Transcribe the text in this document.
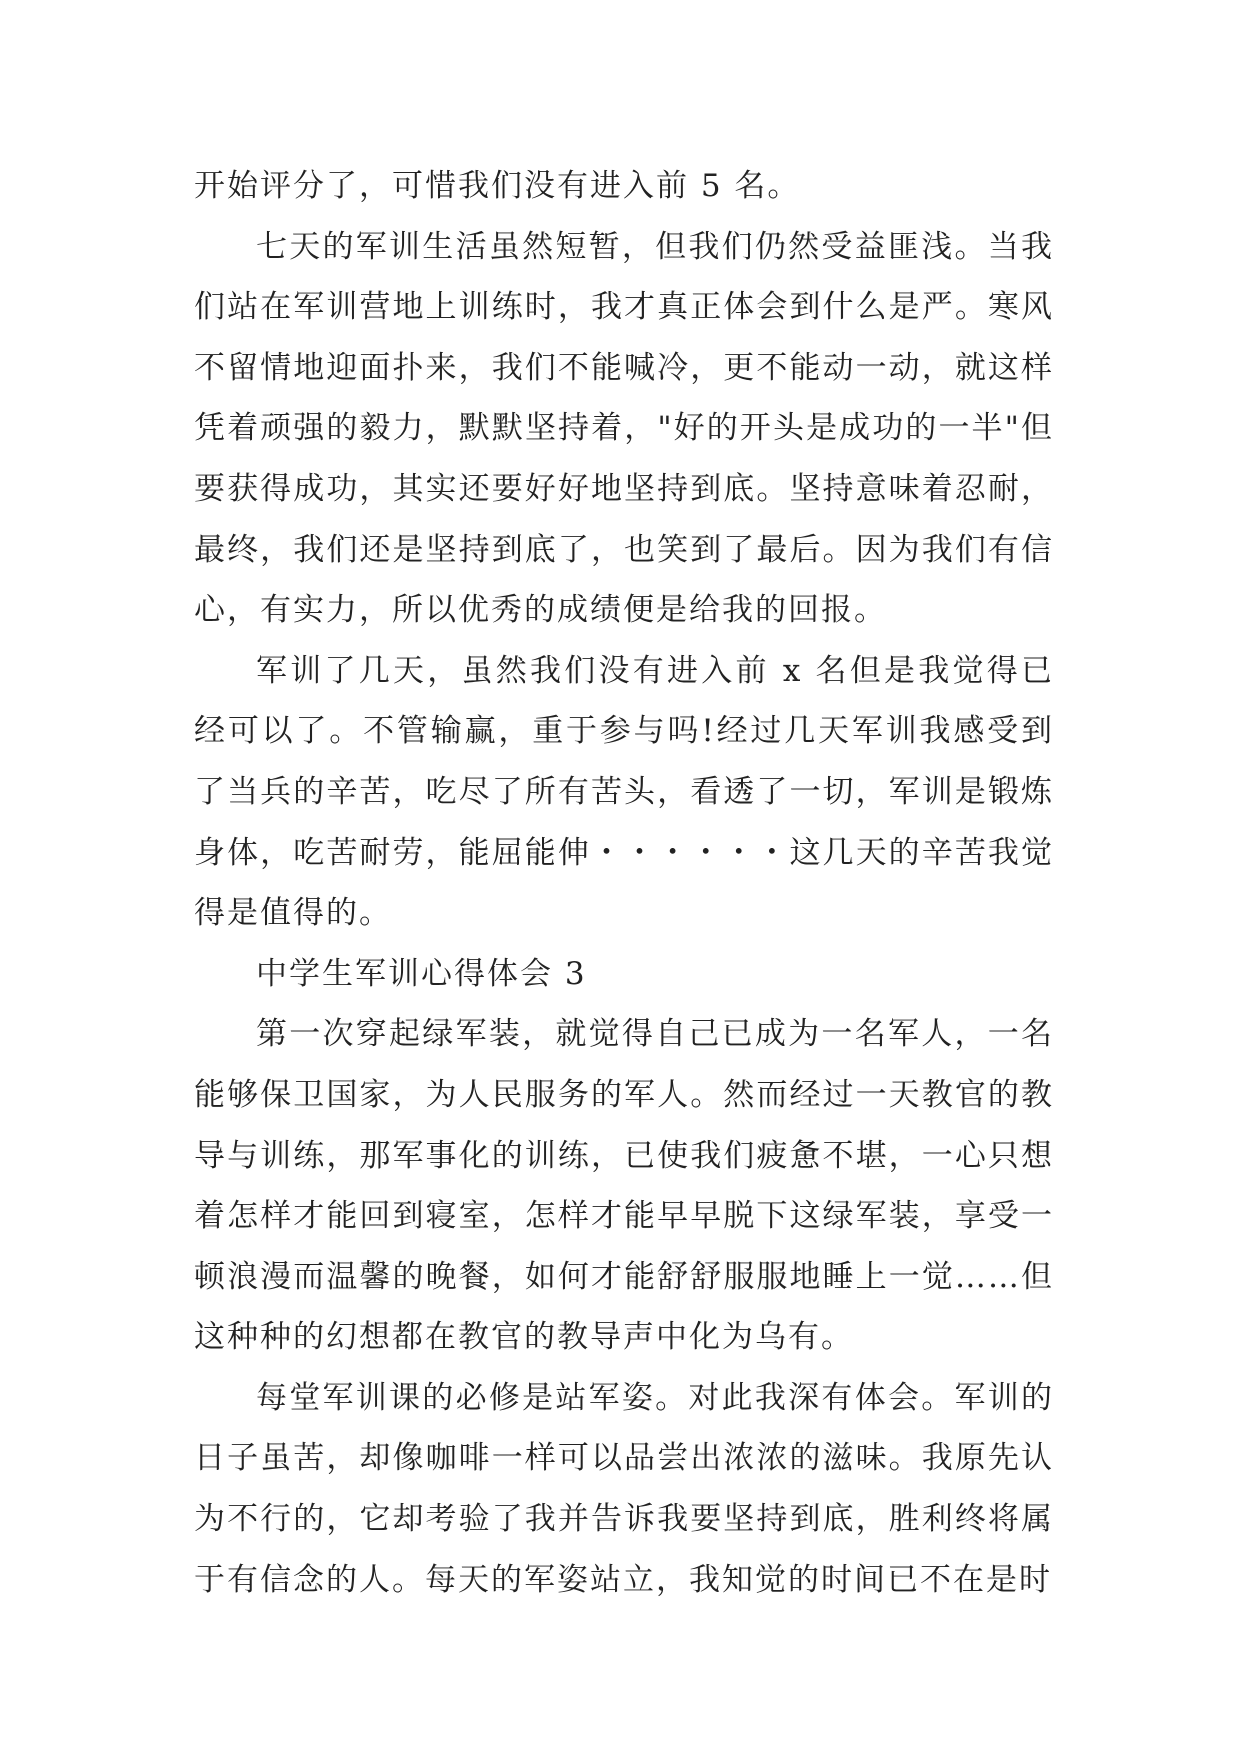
开始评分了，可惜我们没有进入前 5 名。

七天的军训生活虽然短暂，但我们仍然受益匪浅。当我们站在军训营地上训练时，我才真正体会到什么是严。寒风不留情地迎面扑来，我们不能喊冷，更不能动一动，就这样凭着顽强的毅力，默默坚持着，"好的开头是成功的一半"但要获得成功，其实还要好好地坚持到底。坚持意味着忍耐，最终，我们还是坚持到底了，也笑到了最后。因为我们有信心，有实力，所以优秀的成绩便是给我的回报。

军训了几天，虽然我们没有进入前 x 名但是我觉得已经可以了。不管输赢，重于参与吗!经过几天军训我感受到了当兵的辛苦，吃尽了所有苦头，看透了一切，军训是锻炼身体，吃苦耐劳，能屈能伸・・・・・・这几天的辛苦我觉得是值得的。

中学生军训心得体会 3

第一次穿起绿军装，就觉得自己已成为一名军人，一名能够保卫国家，为人民服务的军人。然而经过一天教官的教导与训练，那军事化的训练，已使我们疲惫不堪，一心只想着怎样才能回到寝室，怎样才能早早脱下这绿军装，享受一顿浪漫而温馨的晚餐，如何才能舒舒服服地睡上一觉……但这种种的幻想都在教官的教导声中化为乌有。

每堂军训课的必修是站军姿。对此我深有体会。军训的日子虽苦，却像咖啡一样可以品尝出浓浓的滋味。我原先认为不行的，它却考验了我并告诉我要坚持到底，胜利终将属于有信念的人。每天的军姿站立，我知觉的时间已不在是时
